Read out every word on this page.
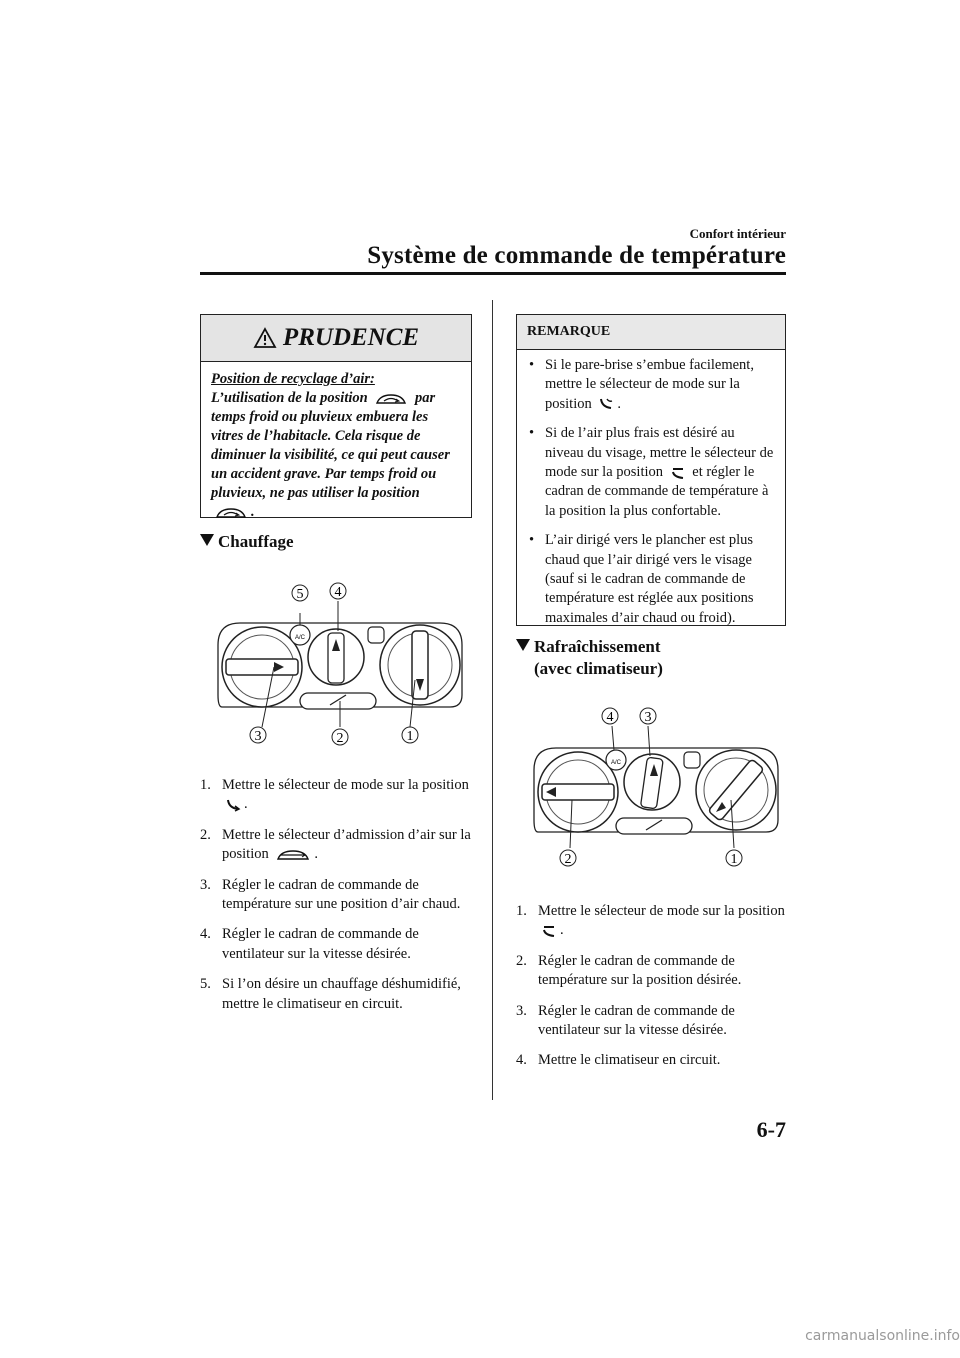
Confort intérieur
Système de commande de température
PRUDENCE
Position de recyclage d’air:
L’utilisation de la position	par temps froid ou pluvieux embuera les vitres de l’habitacle. Cela risque de diminuer la visibilité, ce qui peut causer un accident grave. Par temps froid ou pluvieux, ne pas utiliser la position .
Chauffage
A/C
5 4
3	2	1
1. Mettre le sélecteur de mode sur la position .
2. Mettre le sélecteur d’admission d’air sur la position	.
3. Régler le cadran de commande de température sur une position d’air chaud.
4. Régler le cadran de commande de ventilateur sur la vitesse désirée.
5. Si l’on désire un chauffage déshumidifié, mettre le climatiseur en circuit.
REMARQUE
• Si le pare-brise s’embue facilement, mettre le sélecteur de mode sur la position .
• Si de l’air plus frais est désiré au niveau du visage, mettre le sélecteur de mode sur la position et régler le cadran de commande de température à la position la plus confortable.
• L’air dirigé vers le plancher est plus chaud que l’air dirigé vers le visage (sauf si le cadran de commande de température est réglée aux positions maximales d’air chaud ou froid).
Rafraîchissement
(avec climatiseur)
A/C
4 3
2	1
1. Mettre le sélecteur de mode sur la position .
2. Régler le cadran de commande de température sur la position désirée.
3. Régler le cadran de commande de ventilateur sur la vitesse désirée.
4. Mettre le climatiseur en circuit.
6-7
carmanualsonline.info
